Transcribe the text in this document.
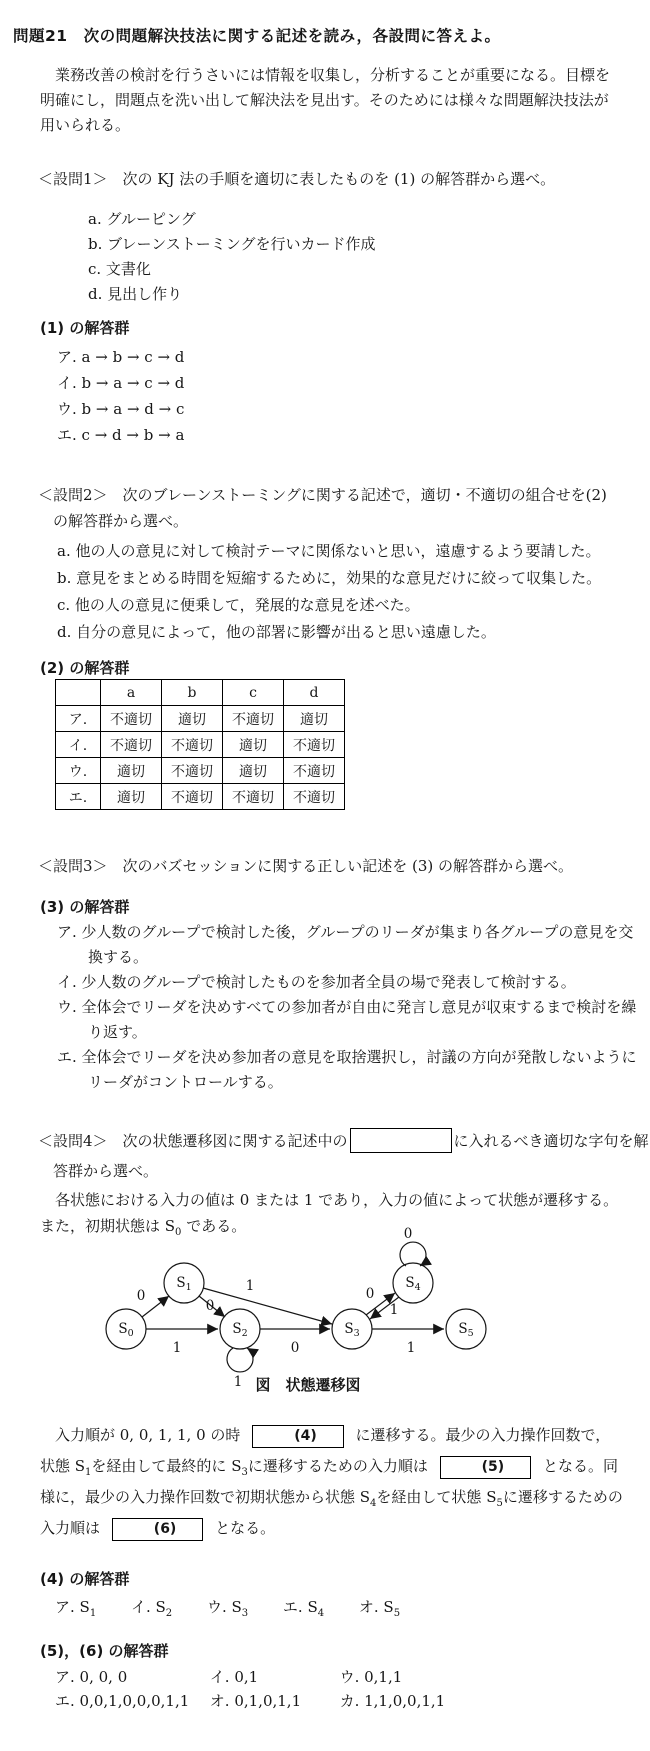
問題21　次の問題解決技法に関する記述を読み，各設問に答えよ。

業務改善の検討を行うさいには情報を収集し，分析することが重要になる。目標を明確にし，問題点を洗い出して解決法を見出す。そのためには様々な問題解決技法が用いられる。

＜設問1＞　次の KJ 法の手順を適切に表したものを (1) の解答群から選べ。
a. グルーピング
b. ブレーンストーミングを行いカード作成
c. 文書化
d. 見出し作り
(1) の解答群
ア. a → b → c → d
イ. b → a → c → d
ウ. b → a → d → c
エ. c → d → b → a
＜設問2＞　次のブレーンストーミングに関する記述で，適切・不適切の組合せを(2)
の解答群から選べ。
a. 他の人の意見に対して検討テーマに関係ないと思い，遠慮するよう要請した。
b. 意見をまとめる時間を短縮するために，効果的な意見だけに絞って収集した。
c. 他の人の意見に便乗して，発展的な意見を述べた。
d. 自分の意見によって，他の部署に影響が出ると思い遠慮した。
(2) の解答群
	a	b	c	d
ア.	不適切	適切	不適切	適切
イ.	不適切	不適切	適切	不適切
ウ.	適切	不適切	適切	不適切
エ.	適切	不適切	不適切	不適切
＜設問3＞　次のバズセッションに関する正しい記述を (3) の解答群から選べ。
(3) の解答群
ア. 少人数のグループで検討した後，グループのリーダが集まり各グループの意見を交換する。
イ. 少人数のグループで検討したものを参加者全員の場で発表して検討する。
ウ. 全体会でリーダを決めすべての参加者が自由に発言し意見が収束するまで検討を繰り返す。
エ. 全体会でリーダを決め参加者の意見を取捨選択し，討議の方向が発散しないようにリーダがコントロールする。
＜設問4＞　次の状態遷移図に関する記述中の	に入れるべき適切な字句を解
答群から選べ。

各状態における入力の値は 0 または 1 であり，入力の値によって状態が遷移する。また，初期状態は $S_0$ である。

$S_0$
$S_1$
$S_2$	$S_3$
$S_4$
$S_5$
0
1
0
1
1
0
0
1
0
1
図　状態遷移図

入力順が 0, 0, 1, 1, 0 の時	(4)	に遷移する。最少の入力操作回数で，状態 $S_1$を経由して最終的に $S_3$に遷移するための入力順は	(5)	となる。同様に，最少の入力操作回数で初期状態から状態 $S_4$を経由して状態 $S_5$に遷移するための入力順は	(6)	となる。

(4) の解答群
ア. $S_1$ イ. $S_2$ ウ. $S_3$ エ. $S_4$ オ. $S_5$
(5)，(6) の解答群
ア. 0, 0, 0	イ. 0,1	ウ. 0,1,1
エ. 0,0,1,0,0,0,1,1 オ. 0,1,0,1,1	カ. 1,1,0,0,1,1
